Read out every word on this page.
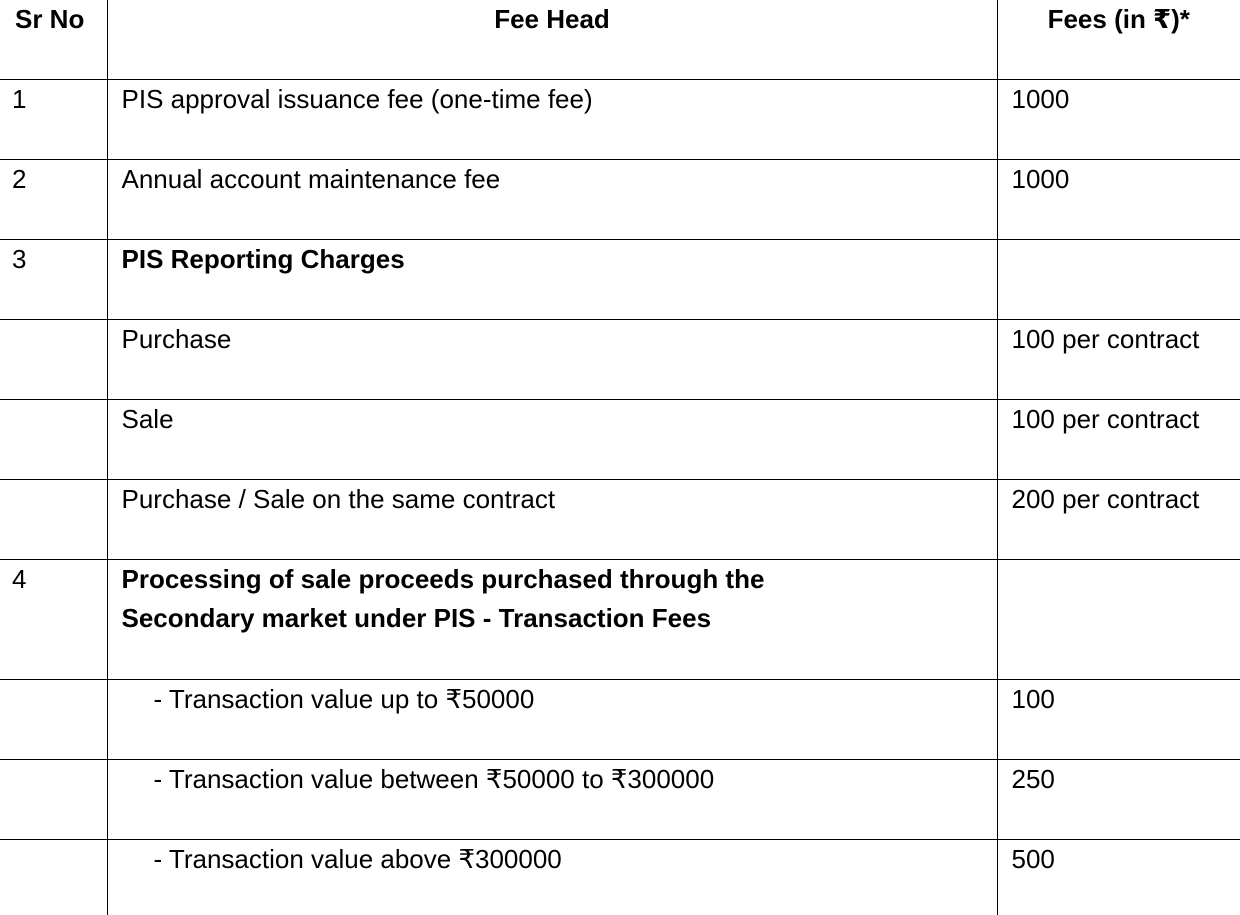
Sr No	Fee Head	Fees (in ₹)*
1	PIS approval issuance fee (one-time fee)	1000
2	Annual account maintenance fee	1000
3	PIS Reporting Charges	
	Purchase	100 per contract
	Sale	100 per contract
	Purchase / Sale on the same contract	200 per contract
4	Processing of sale proceeds purchased through the
Secondary market under PIS - Transaction Fees	

	- Transaction value up to ₹50000	100
	- Transaction value between ₹50000 to ₹300000	250
	- Transaction value above ₹300000	500
